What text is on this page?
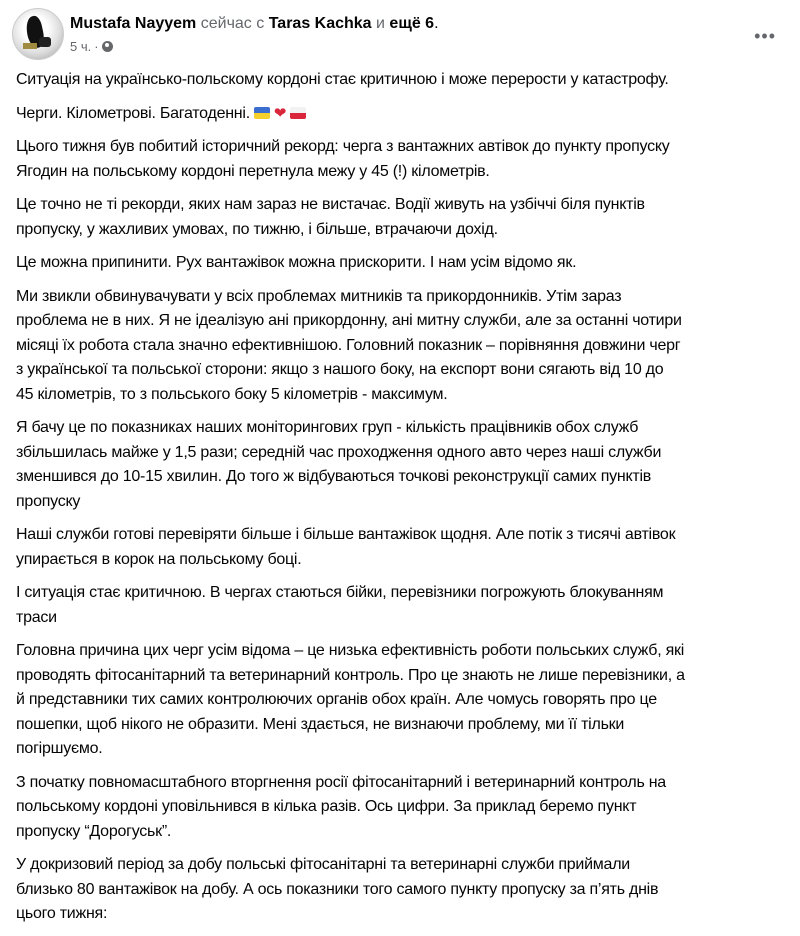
Mustafa Nayyem сейчас с Taras Kachka и ещё 6.
5 ч. ·
•••
Ситуація на українсько-польскому кордоні стає критичною і може перерости у катастрофу.
Черги. Кілометрові. Багатоденні. ❤
Цього тижня був побитий історичний рекорд: черга з вантажних автівок до пункту пропуску
Ягодин на польському кордоні перетнула межу у 45 (!) кілометрів.
Це точно не ті рекорди, яких нам зараз не вистачає. Водії живуть на узбіччі біля пунктів
пропуску, у жахливих умовах, по тижню, і більше, втрачаючи дохід.
Це можна припинити. Рух вантажівок можна прискорити. І нам усім відомо як.
Ми звикли обвинувачувати у всіх проблемах митників та прикордонників. Утім зараз
проблема не в них. Я не ідеалізую ані прикордонну, ані митну служби, але за останні чотири
місяці їх робота стала значно ефективнішою. Головний показник – порівняння довжини черг
з української та польської сторони: якщо з нашого боку, на експорт вони сягають від 10 до
45 кілометрів, то з польського боку 5 кілометрів - максимум.
Я бачу це по показниках наших моніторингових груп - кількість працівників обох служб
збільшилась майже у 1,5 рази; середній час проходження одного авто через наші служби
зменшився до 10-15 хвилин. До того ж відбуваються точкові реконструкції самих пунктів
пропуску
Наші служби готові перевіряти більше і більше вантажівок щодня. Але потік з тисячі автівок
упирається в корок на польському боці.
І ситуація стає критичною. В чергах стаються бійки, перевізники погрожують блокуванням
траси
Головна причина цих черг усім відома – це низька ефективність роботи польських служб, які
проводять фітосанітарний та ветеринарний контроль. Про це знають не лише перевізники, а
й представники тих самих контролюючих органів обох країн. Але чомусь говорять про це
пошепки, щоб нікого не образити. Мені здається, не визнаючи проблему, ми її тільки
погіршуємо.
З початку повномасштабного вторгнення росії фітосанітарний і ветеринарний контроль на
польському кордоні уповільнився в кілька разів. Ось цифри. За приклад беремо пункт
пропуску “Дорогуськ”.
У докризовий період за добу польські фітосанітарні та ветеринарні служби приймали
близько 80 вантажівок на добу. А ось показники того самого пункту пропуску за п’ять днів
цього тижня:
